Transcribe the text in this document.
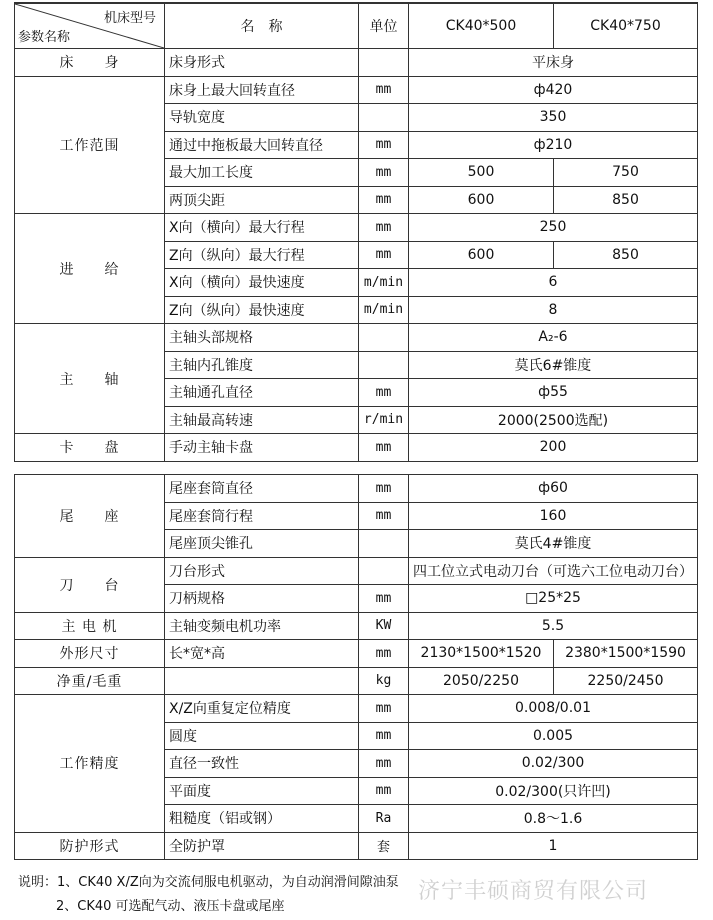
机床型号
参数名称	名　称	单位	CK40*500	CK40*750
床　　身	床身形式		平床身	
工作范围	床身上最大回转直径	mm	ф420	
	导轨宽度		350	
	通过中拖板最大回转直径	mm	ф210	
	最大加工长度	mm	500	750
	两顶尖距	mm	600	850
进　　给	X向（横向）最大行程	mm	250	
	Z向（纵向）最大行程	mm	600	850
	X向（横向）最快速度	m/min	6	
	Z向（纵向）最快速度	m/min	8	
主　　轴	主轴头部规格		A₂-6	
	主轴内孔锥度		莫氏6#锥度	
	主轴通孔直径	mm	ф55	
	主轴最高转速	r/min	2000(2500选配)	
卡　　盘	手动主轴卡盘	mm	200	
尾　　座	尾座套筒直径	mm	ф60	
	尾座套筒行程	mm	160	
	尾座顶尖锥孔		莫氏4#锥度	
刀　　台	刀台形式		四工位立式电动刀台（可选六工位电动刀台）	
	刀柄规格	mm	□25*25	
主 电 机	主轴变频电机功率	KW	5.5	
外形尺寸	长*宽*高	mm	2130*1500*1520	2380*1500*1590
净重/毛重		kg	2050/2250	2250/2450
工作精度	X/Z向重复定位精度	mm	0.008/0.01	
	圆度	mm	0.005	
	直径一致性	mm	0.02/300	
	平面度	mm	0.02/300(只许凹)	
	粗糙度（铝或钢）	Ra	0.8～1.6	
防护形式	全防护罩	套	1	
说明：1、CK40 X/Z向为交流伺服电机驱动，为自动润滑间隙油泵
2、CK40 可选配气动、液压卡盘或尾座
济宁丰硕商贸有限公司
